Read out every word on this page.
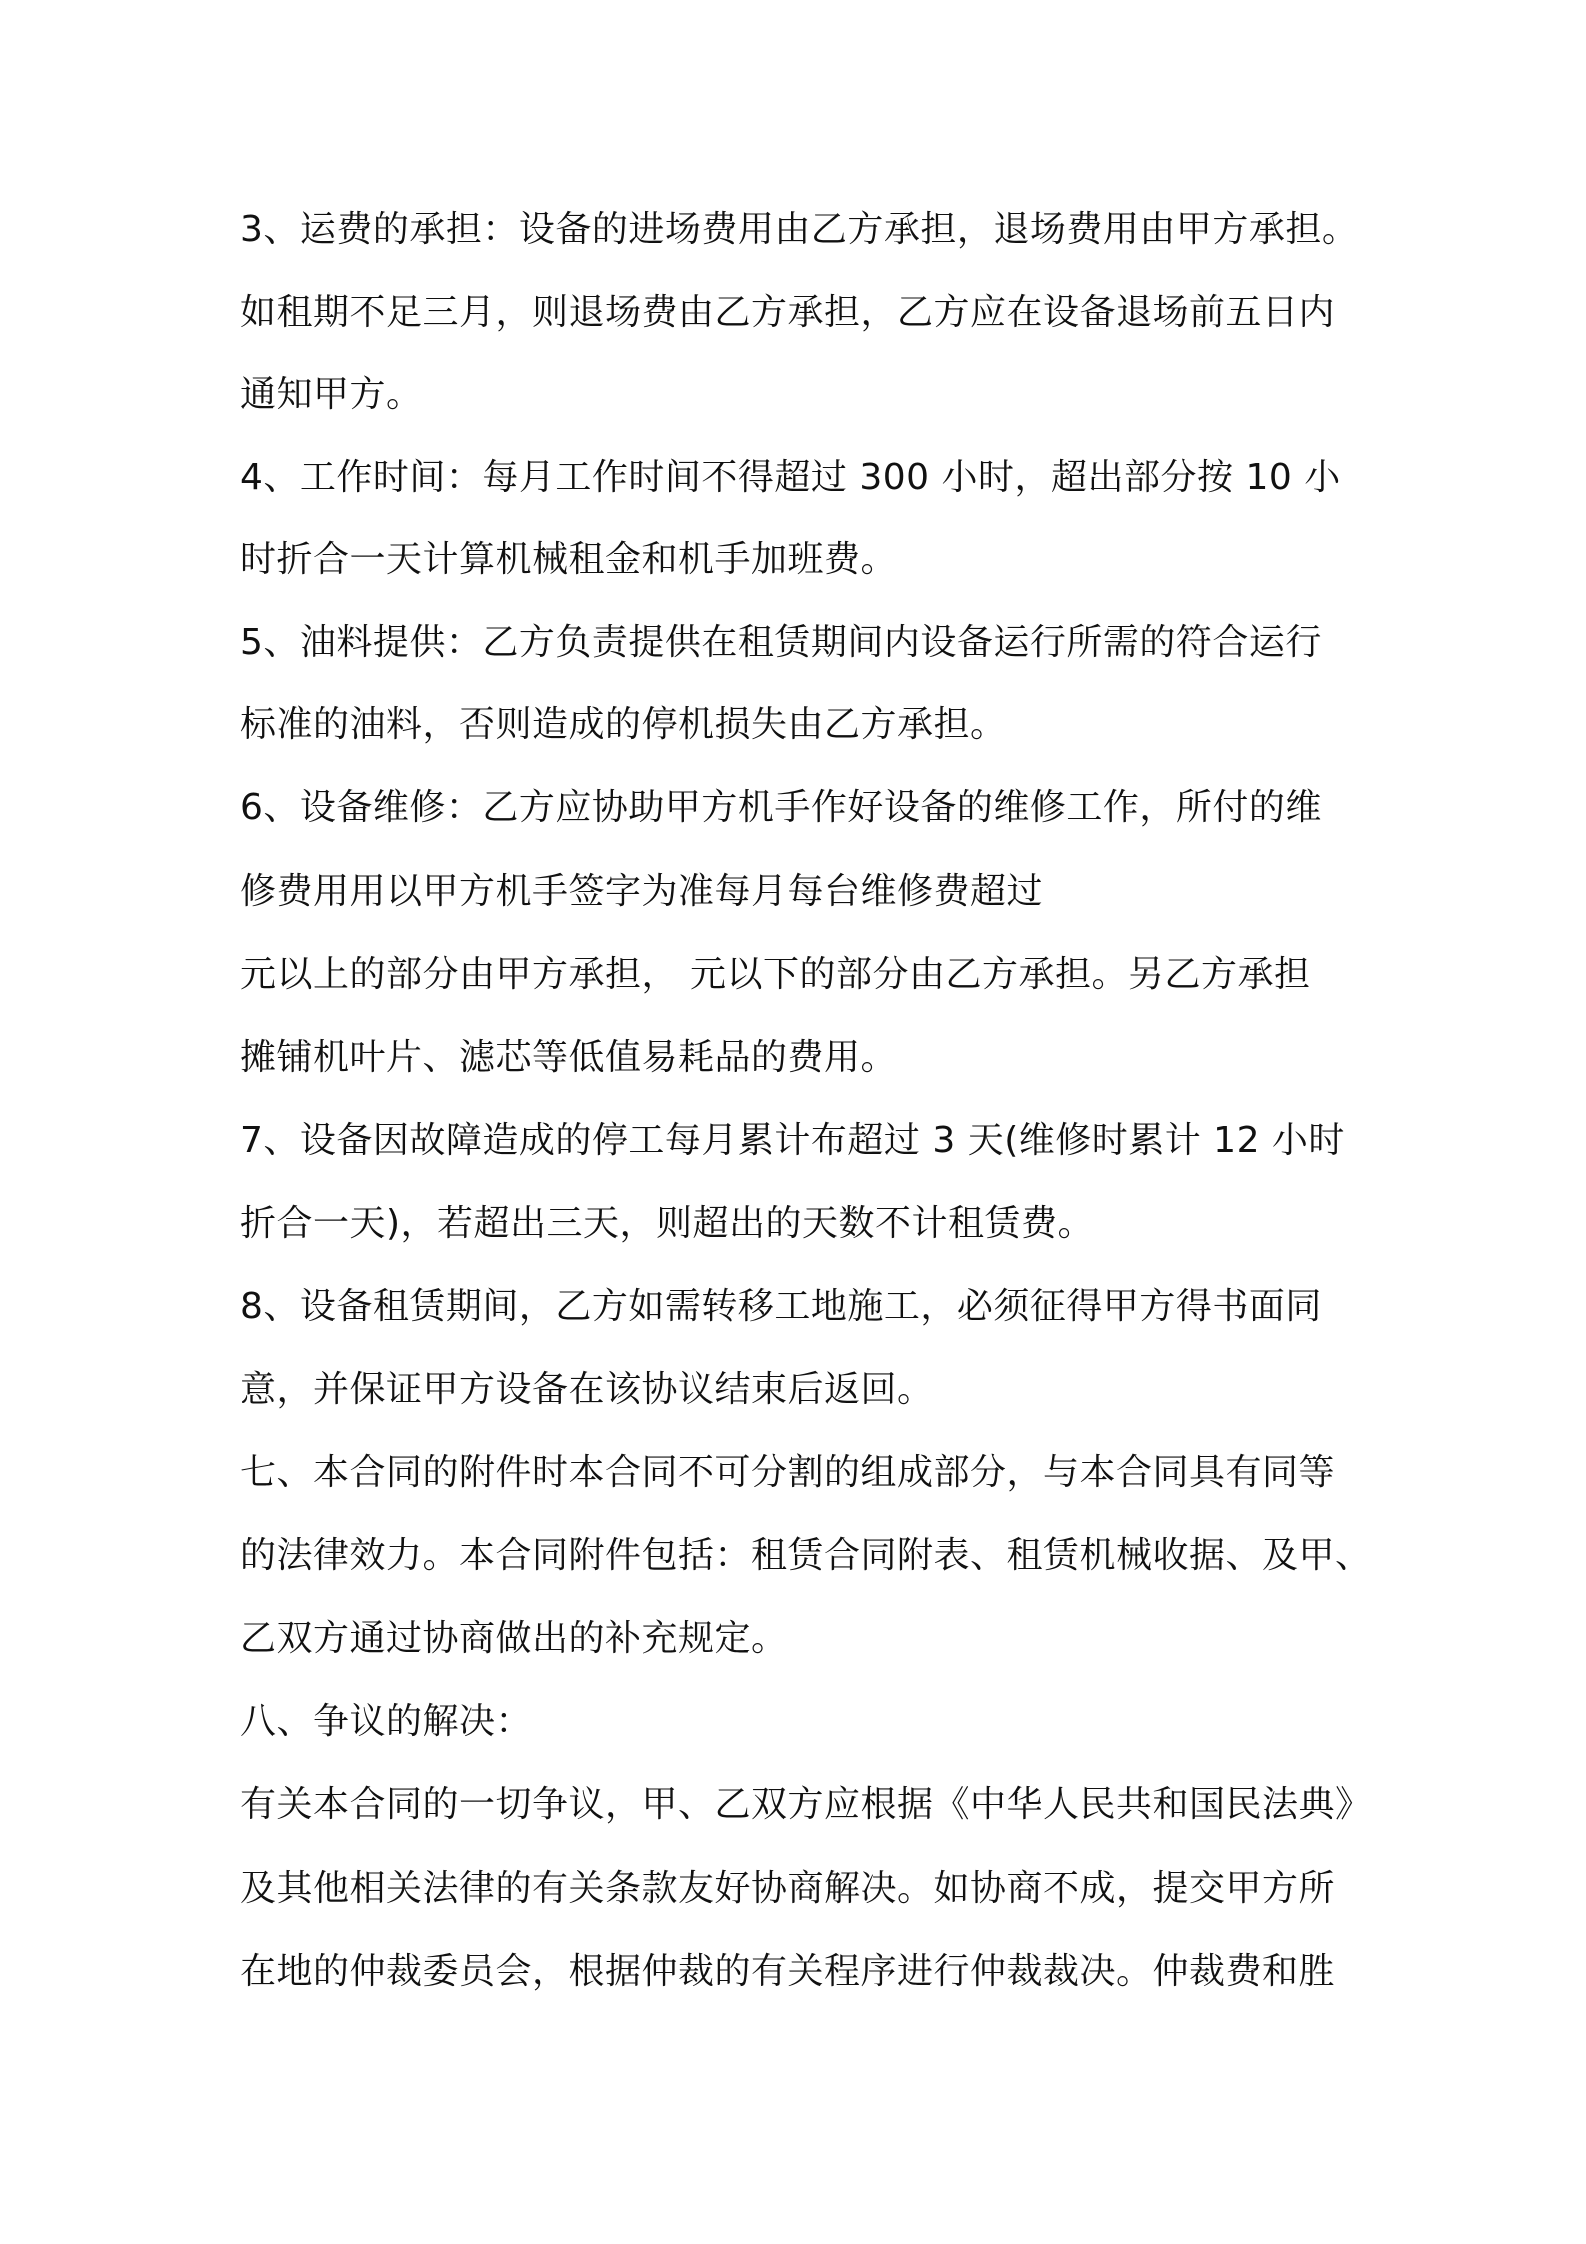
3、运费的承担：设备的进场费用由乙方承担，退场费用由甲方承担。
如租期不足三月，则退场费由乙方承担，乙方应在设备退场前五日内
通知甲方。
4、工作时间：每月工作时间不得超过 300 小时，超出部分按 10 小
时折合一天计算机械租金和机手加班费。
5、油料提供：乙方负责提供在租赁期间内设备运行所需的符合运行
标准的油料，否则造成的停机损失由乙方承担。
6、设备维修：乙方应协助甲方机手作好设备的维修工作，所付的维
修费用用以甲方机手签字为准每月每台维修费超过
元以上的部分由甲方承担， 元以下的部分由乙方承担。另乙方承担
摊铺机叶片、滤芯等低值易耗品的费用。
7、设备因故障造成的停工每月累计布超过 3 天(维修时累计 12 小时
折合一天)，若超出三天，则超出的天数不计租赁费。
8、设备租赁期间，乙方如需转移工地施工，必须征得甲方得书面同
意，并保证甲方设备在该协议结束后返回。
七、本合同的附件时本合同不可分割的组成部分，与本合同具有同等
的法律效力。本合同附件包括：租赁合同附表、租赁机械收据、及甲、
乙双方通过协商做出的补充规定。
八、争议的解决：
有关本合同的一切争议，甲、乙双方应根据《中华人民共和国民法典》
及其他相关法律的有关条款友好协商解决。如协商不成，提交甲方所
在地的仲裁委员会，根据仲裁的有关程序进行仲裁裁决。仲裁费和胜
